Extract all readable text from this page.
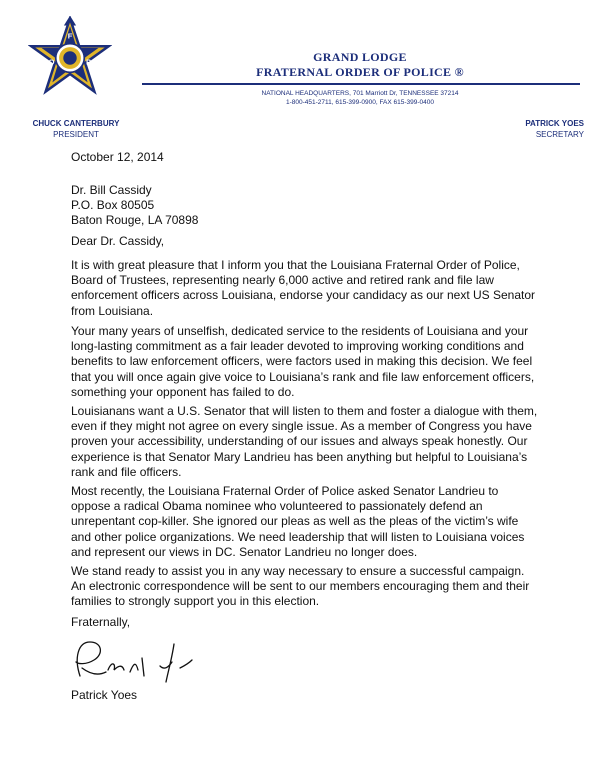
F
O	P	GRAND LODGE
FRATERNAL ORDER OF POLICE ®
NATIONAL HEADQUARTERS, 701 Marriott Dr, TENNESSEE 37214
1-800-451-2711, 615-399-0900, FAX 615-399-0400
CHUCK CANTERBURY
PRESIDENT
PATRICK YOES
SECRETARY
October 12, 2014
Dr. Bill Cassidy
P.O. Box 80505
Baton Rouge, LA 70898
Dear Dr. Cassidy,
It is with great pleasure that I inform you that the Louisiana Fraternal Order of Police, Board of Trustees, representing nearly 6,000 active and retired rank and file law enforcement officers across Louisiana, endorse your candidacy as our next US Senator from Louisiana.
Your many years of unselfish, dedicated service to the residents of Louisiana and your long-lasting commitment as a fair leader devoted to improving working conditions and benefits to law enforcement officers, were factors used in making this decision. We feel that you will once again give voice to Louisiana’s rank and file law enforcement officers, something your opponent has failed to do.
Louisianans want a U.S. Senator that will listen to them and foster a dialogue with them, even if they might not agree on every single issue. As a member of Congress you have proven your accessibility, understanding of our issues and always speak honestly. Our experience is that Senator Mary Landrieu has been anything but helpful to Louisiana’s rank and file officers.
Most recently, the Louisiana Fraternal Order of Police asked Senator Landrieu to oppose a radical Obama nominee who volunteered to passionately defend an unrepentant cop-killer. She ignored our pleas as well as the pleas of the victim’s wife and other police organizations. We need leadership that will listen to Louisiana voices and represent our views in DC. Senator Landrieu no longer does.
We stand ready to assist you in any way necessary to ensure a successful campaign. An electronic correspondence will be sent to our members encouraging them and their families to strongly support you in this election.
Fraternally,
Patrick Yoes
